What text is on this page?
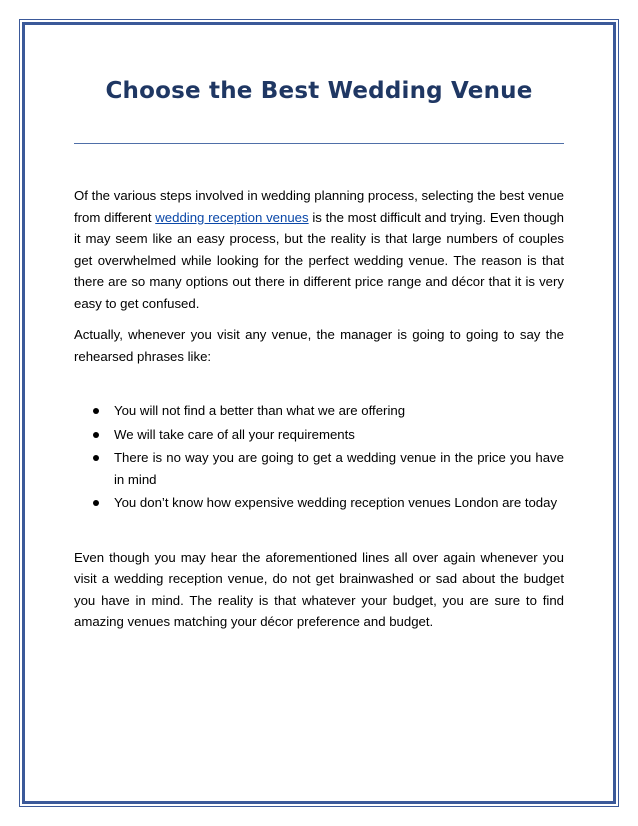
Choose the Best Wedding Venue

Of the various steps involved in wedding planning process, selecting the best venue from different wedding reception venues is the most difficult and trying. Even though it may seem like an easy process, but the reality is that large numbers of couples get overwhelmed while looking for the perfect wedding venue. The reason is that there are so many options out there in different price range and décor that it is very easy to get confused.

Actually, whenever you visit any venue, the manager is going to going to say the rehearsed phrases like:

You will not find a better than what we are offering
We will take care of all your requirements
There is no way you are going to get a wedding venue in the price you have in mind
You don’t know how expensive wedding reception venues London are today

Even though you may hear the aforementioned lines all over again whenever you visit a wedding reception venue, do not get brainwashed or sad about the budget you have in mind. The reality is that whatever your budget, you are sure to find amazing venues matching your décor preference and budget.
